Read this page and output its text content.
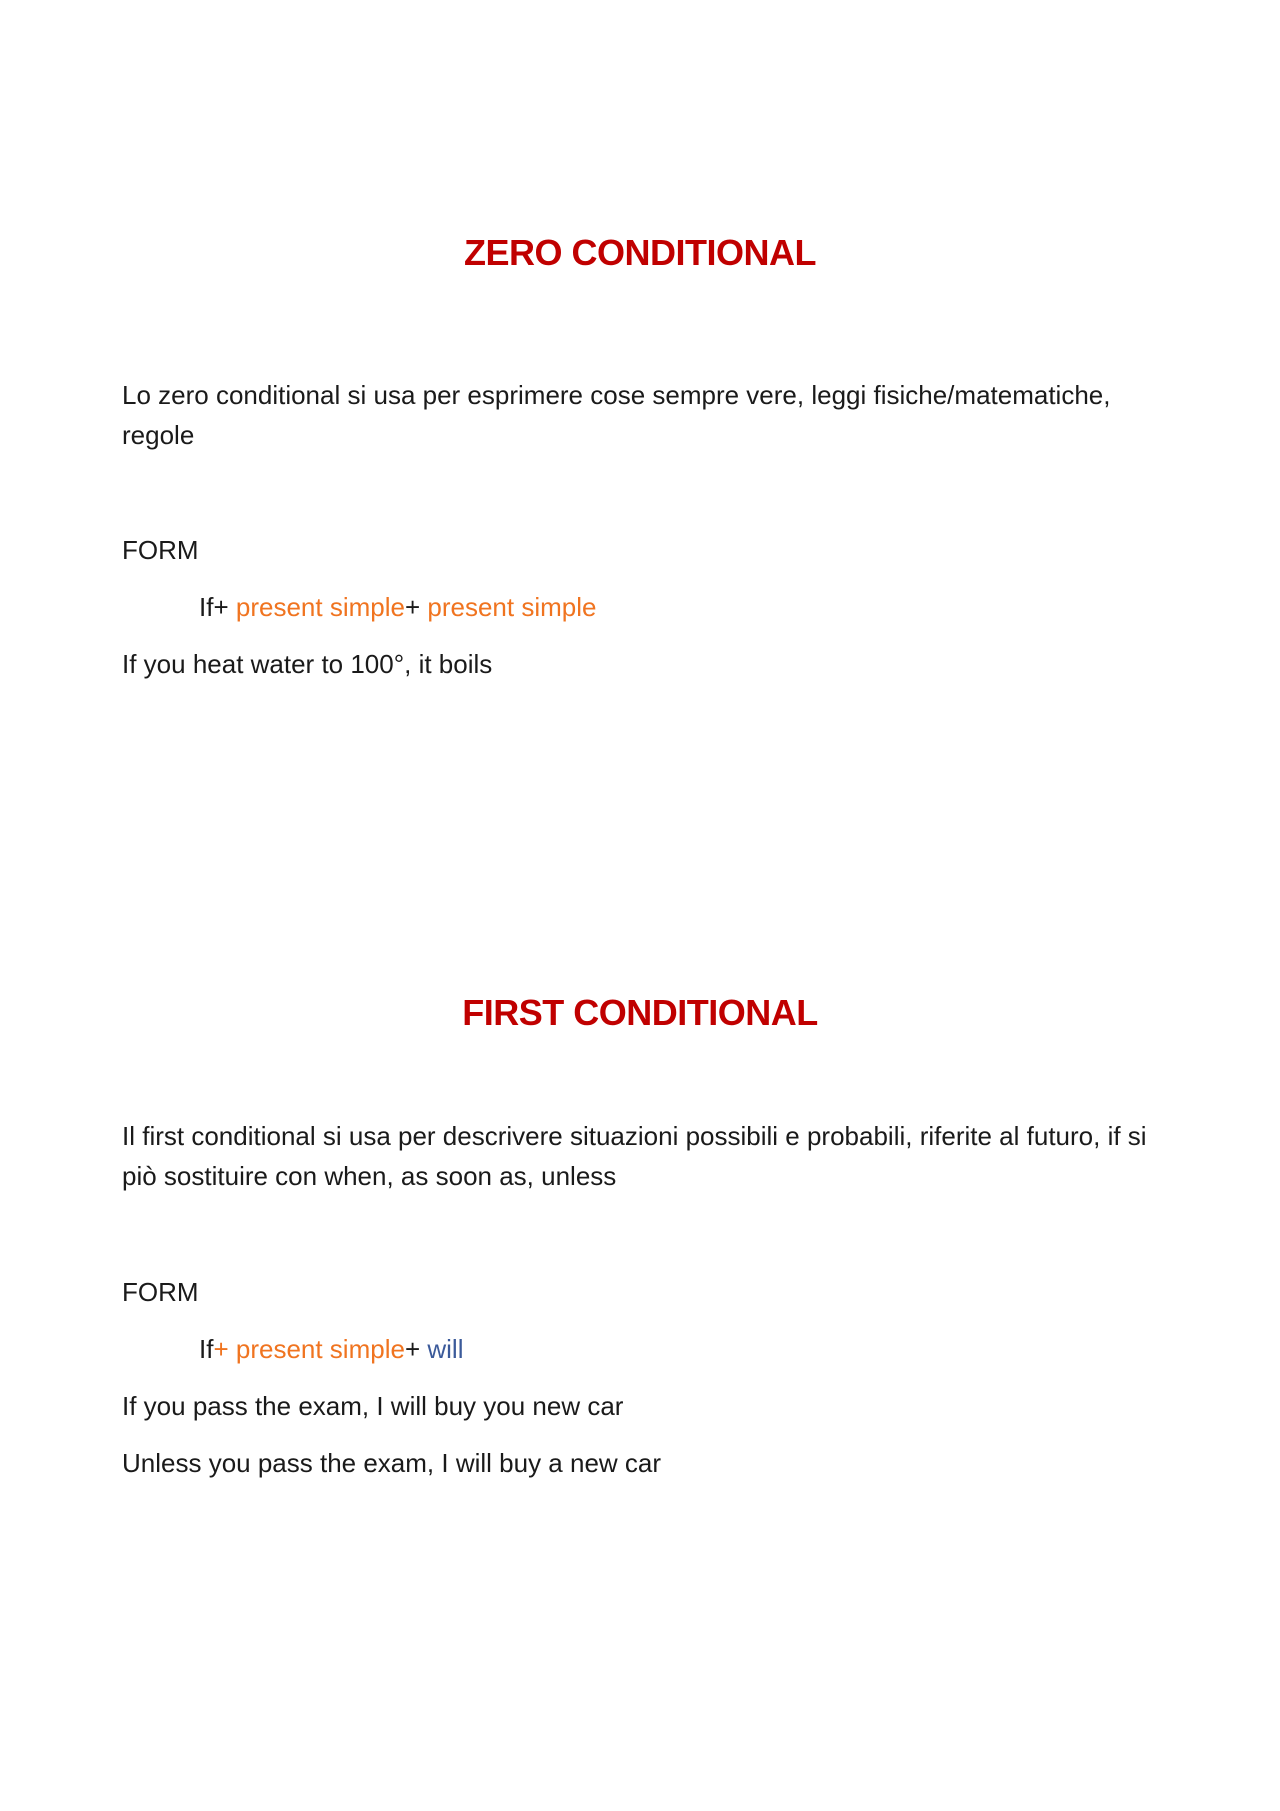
ZERO CONDITIONAL
Lo zero conditional si usa per esprimere cose sempre vere, leggi fisiche/matematiche, regole
FORM
If+ present simple+ present simple
If you heat water to 100°, it boils
FIRST CONDITIONAL
Il first conditional si usa per descrivere situazioni possibili e probabili, riferite al futuro, if si piò sostituire con when, as soon as, unless
FORM
If+ present simple+ will
If you pass the exam, I will buy you new car
Unless you pass the exam, I will buy a new car
